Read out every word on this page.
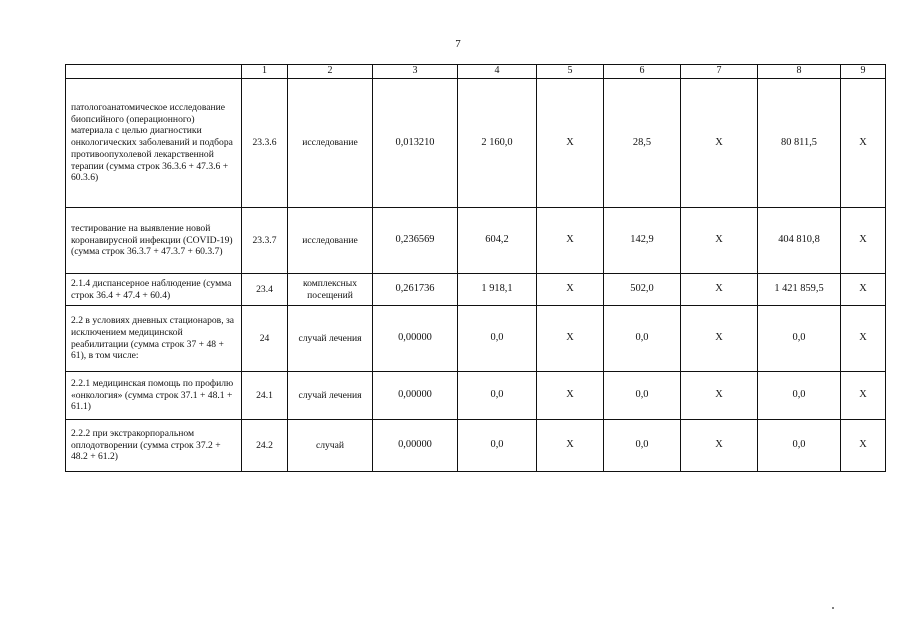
7
	1	2	3	4	5	6	7	8	9
патологоанатомическое исследование биопсийного (операционного) материала с целью диагностики онкологических заболеваний и подбора противоопухолевой лекарственной терапии (сумма строк 36.3.6 + 47.3.6 + 60.3.6)	23.3.6	исследование	0,013210	2 160,0	Х	28,5	Х	80 811,5	Х
тестирование на выявление новой коронавирусной инфекции (COVID-19) (сумма строк 36.3.7 + 47.3.7 + 60.3.7)	23.3.7	исследование	0,236569	604,2	Х	142,9	Х	404 810,8	Х
2.1.4 диспансерное наблюдение (сумма строк 36.4 + 47.4 + 60.4)	23.4	комплексных посещений	0,261736	1 918,1	Х	502,0	Х	1 421 859,5	Х
2.2 в условиях дневных стационаров, за исключением медицинской реабилитации (сумма строк 37 + 48 + 61), в том числе:	24	случай лечения	0,00000	0,0	Х	0,0	Х	0,0	Х
2.2.1 медицинская помощь по профилю «онкология» (сумма строк 37.1 + 48.1 + 61.1)	24.1	случай лечения	0,00000	0,0	Х	0,0	Х	0,0	Х
2.2.2 при экстракорпоральном оплодотворении (сумма строк 37.2 + 48.2 + 61.2)	24.2	случай	0,00000	0,0	Х	0,0	Х	0,0	Х
